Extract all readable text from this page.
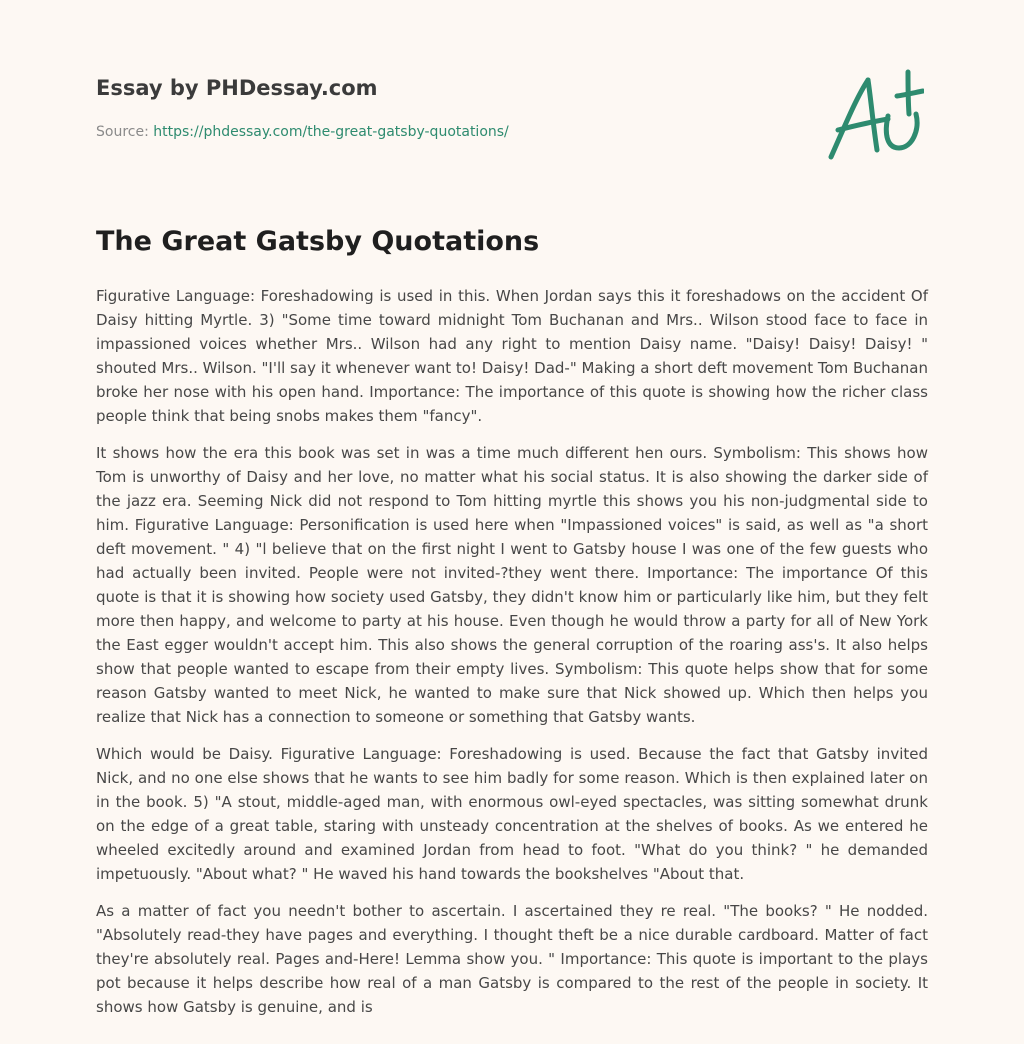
Essay by PHDessay.com
Source: https://phdessay.com/the-great-gatsby-quotations/
The Great Gatsby Quotations

Figurative Language: Foreshadowing is used in this. When Jordan says this it foreshadows on the accident Of Daisy hitting Myrtle. 3) "Some time toward midnight Tom Buchanan and Mrs.. Wilson stood face to face in impassioned voices whether Mrs.. Wilson had any right to mention Daisy name. "Daisy! Daisy! Daisy! " shouted Mrs.. Wilson. "I'll say it whenever want to! Daisy! Dad-" Making a short deft movement Tom Buchanan broke her nose with his open hand. Importance: The importance of this quote is showing how the richer class people think that being snobs makes them "fancy".

It shows how the era this book was set in was a time much different hen ours. Symbolism: This shows how Tom is unworthy of Daisy and her love, no matter what his social status. It is also showing the darker side of the jazz era. Seeming Nick did not respond to Tom hitting myrtle this shows you his non-judgmental side to him. Figurative Language: Personification is used here when "Impassioned voices" is said, as well as "a short deft movement. " 4) "l believe that on the first night I went to Gatsby house I was one of the few guests who had actually been invited. People were not invited-?they went there. Importance: The importance Of this quote is that it is showing how society used Gatsby, they didn't know him or particularly like him, but they felt more then happy, and welcome to party at his house. Even though he would throw a party for all of New York the East egger wouldn't accept him. This also shows the general corruption of the roaring ass's. It also helps show that people wanted to escape from their empty lives. Symbolism: This quote helps show that for some reason Gatsby wanted to meet Nick, he wanted to make sure that Nick showed up. Which then helps you realize that Nick has a connection to someone or something that Gatsby wants.

Which would be Daisy. Figurative Language: Foreshadowing is used. Because the fact that Gatsby invited Nick, and no one else shows that he wants to see him badly for some reason. Which is then explained later on in the book. 5) "A stout, middle-aged man, with enormous owl-eyed spectacles, was sitting somewhat drunk on the edge of a great table, staring with unsteady concentration at the shelves of books. As we entered he wheeled excitedly around and examined Jordan from head to foot. "What do you think? " he demanded impetuously. "About what? " He waved his hand towards the bookshelves "About that.

As a matter of fact you needn't bother to ascertain. I ascertained they re real. "The books? " He nodded. "Absolutely read-they have pages and everything. I thought theft be a nice durable cardboard. Matter of fact they're absolutely real. Pages and-Here! Lemma show you. " Importance: This quote is important to the plays pot because it helps describe how real of a man Gatsby is compared to the rest of the people in society. It shows how Gatsby is genuine, and is
